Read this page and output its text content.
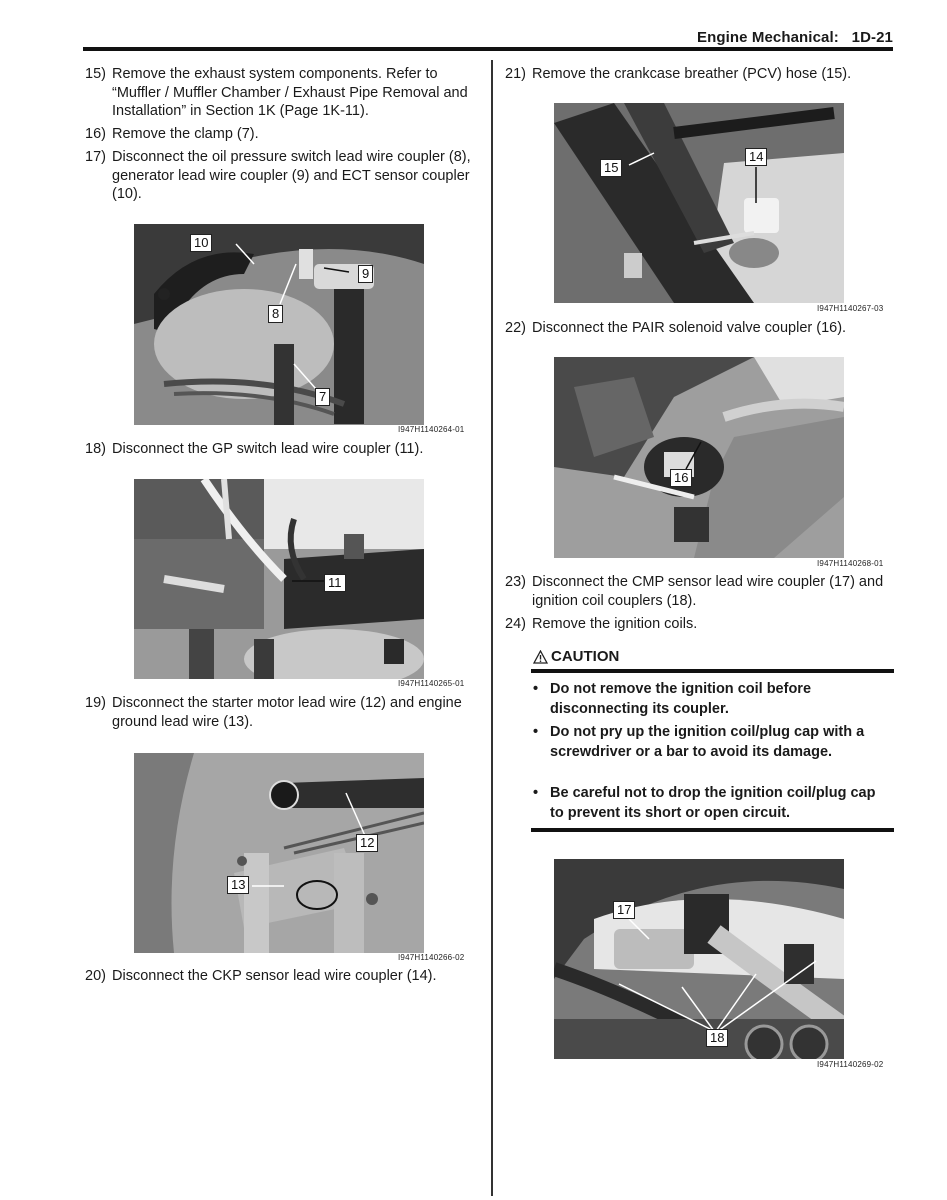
Engine Mechanical: 1D-21
15) Remove the exhaust system components. Refer to “Muffler / Muffler Chamber / Exhaust Pipe Removal and Installation” in Section 1K (Page 1K-11).
16) Remove the clamp (7).
17) Disconnect the oil pressure switch lead wire coupler (8), generator lead wire coupler (9) and ECT sensor coupler (10).
10
9
8
7
I947H1140264-01
18) Disconnect the GP switch lead wire coupler (11).
11
I947H1140265-01
19) Disconnect the starter motor lead wire (12) and engine ground lead wire (13).
12
13
I947H1140266-02
20) Disconnect the CKP sensor lead wire coupler (14).
21) Remove the crankcase breather (PCV) hose (15).
15
14
I947H1140267-03
22) Disconnect the PAIR solenoid valve coupler (16).
16
I947H1140268-01
23) Disconnect the CMP sensor lead wire coupler (17) and ignition coil couplers (18).
24) Remove the ignition coils.
CAUTION
• Do not remove the ignition coil before disconnecting its coupler.
• Do not pry up the ignition coil/plug cap with a screwdriver or a bar to avoid its damage.
• Be careful not to drop the ignition coil/plug cap to prevent its short or open circuit.
17
18
I947H1140269-02
